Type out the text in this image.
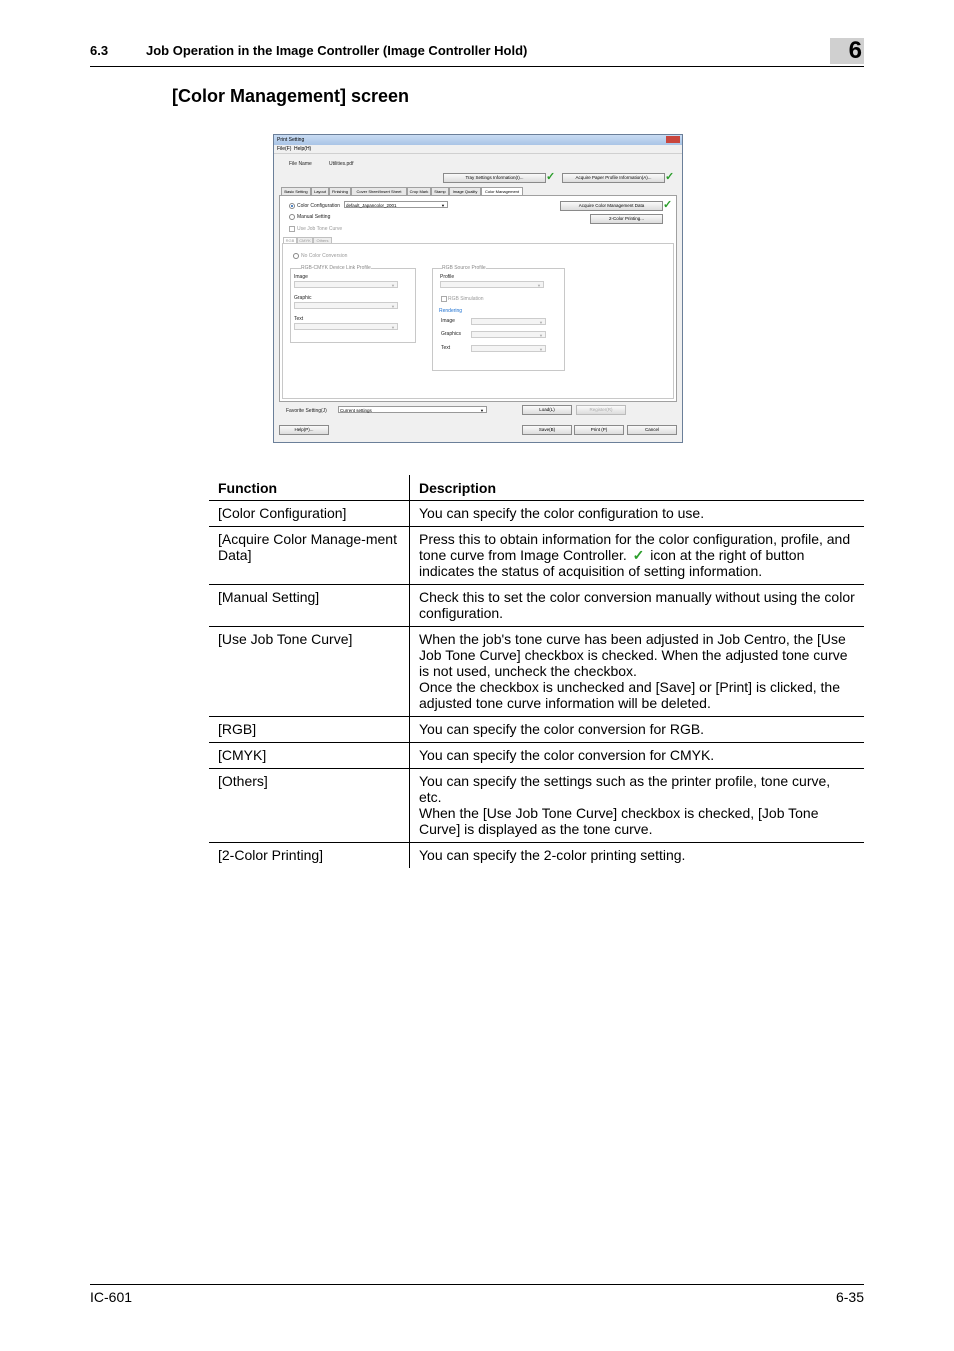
6.3	Job Operation in the Image Controller (Image Controller Hold)	6
[Color Management] screen
Print Setting
File(F) Help(H)
File Name	Utilities.pdf
Tray Settings Information(I)...	✓	Acquire Paper Profile Information(A)...	✓
Basic Setting	Layout	Finishing	Cover Sheet/Insert Sheet	Crop Mark	Stamp	Image Quality	Color Management
Color Configuration	default_Japancolor_2001	▼	Acquire Color Management Data	✓
2-Color Printing...
Manual Setting
Use Job Tone Curve
RGB	CMYK	Others
No Color Conversion
RGB-CMYK Device Link Profile
Image
▼
Graphic
▼
Text
▼
RGB Source Profile
Profile
▼
RGB Simulation
Rendering
Image	▼
Graphics	▼
Text	▼
Favorite Setting(J)	Current settings	▼	Load(L)	Register(R)
Help(P)...	Save(B)	Print (P)	Cancel
Function	Description
[Color Configuration]	You can specify the color configuration to use.

[Acquire Color Manage-ment Data]	Press this to obtain information for the color configuration, profile, and tone curve from Image Controller. ✓ icon at the right of button indicates the status of acquisition of setting information.
[Manual Setting]	Check this to set the color conversion manually without using the color configuration.

[Use Job Tone Curve]	When the job's tone curve has been adjusted in Job Centro, the [Use Job Tone Curve] checkbox is checked. When the adjusted tone curve is not used, uncheck the checkbox.
Once the checkbox is unchecked and [Save] or [Print] is clicked, the adjusted tone curve information will be deleted.

[RGB]	You can specify the color conversion for RGB.

[CMYK]	You can specify the color conversion for CMYK.

[Others]	You can specify the settings such as the printer profile, tone curve, etc.
When the [Use Job Tone Curve] checkbox is checked, [Job Tone Curve] is displayed as the tone curve.

[2-Color Printing]	You can specify the 2-color printing setting.
IC-601	6-35
